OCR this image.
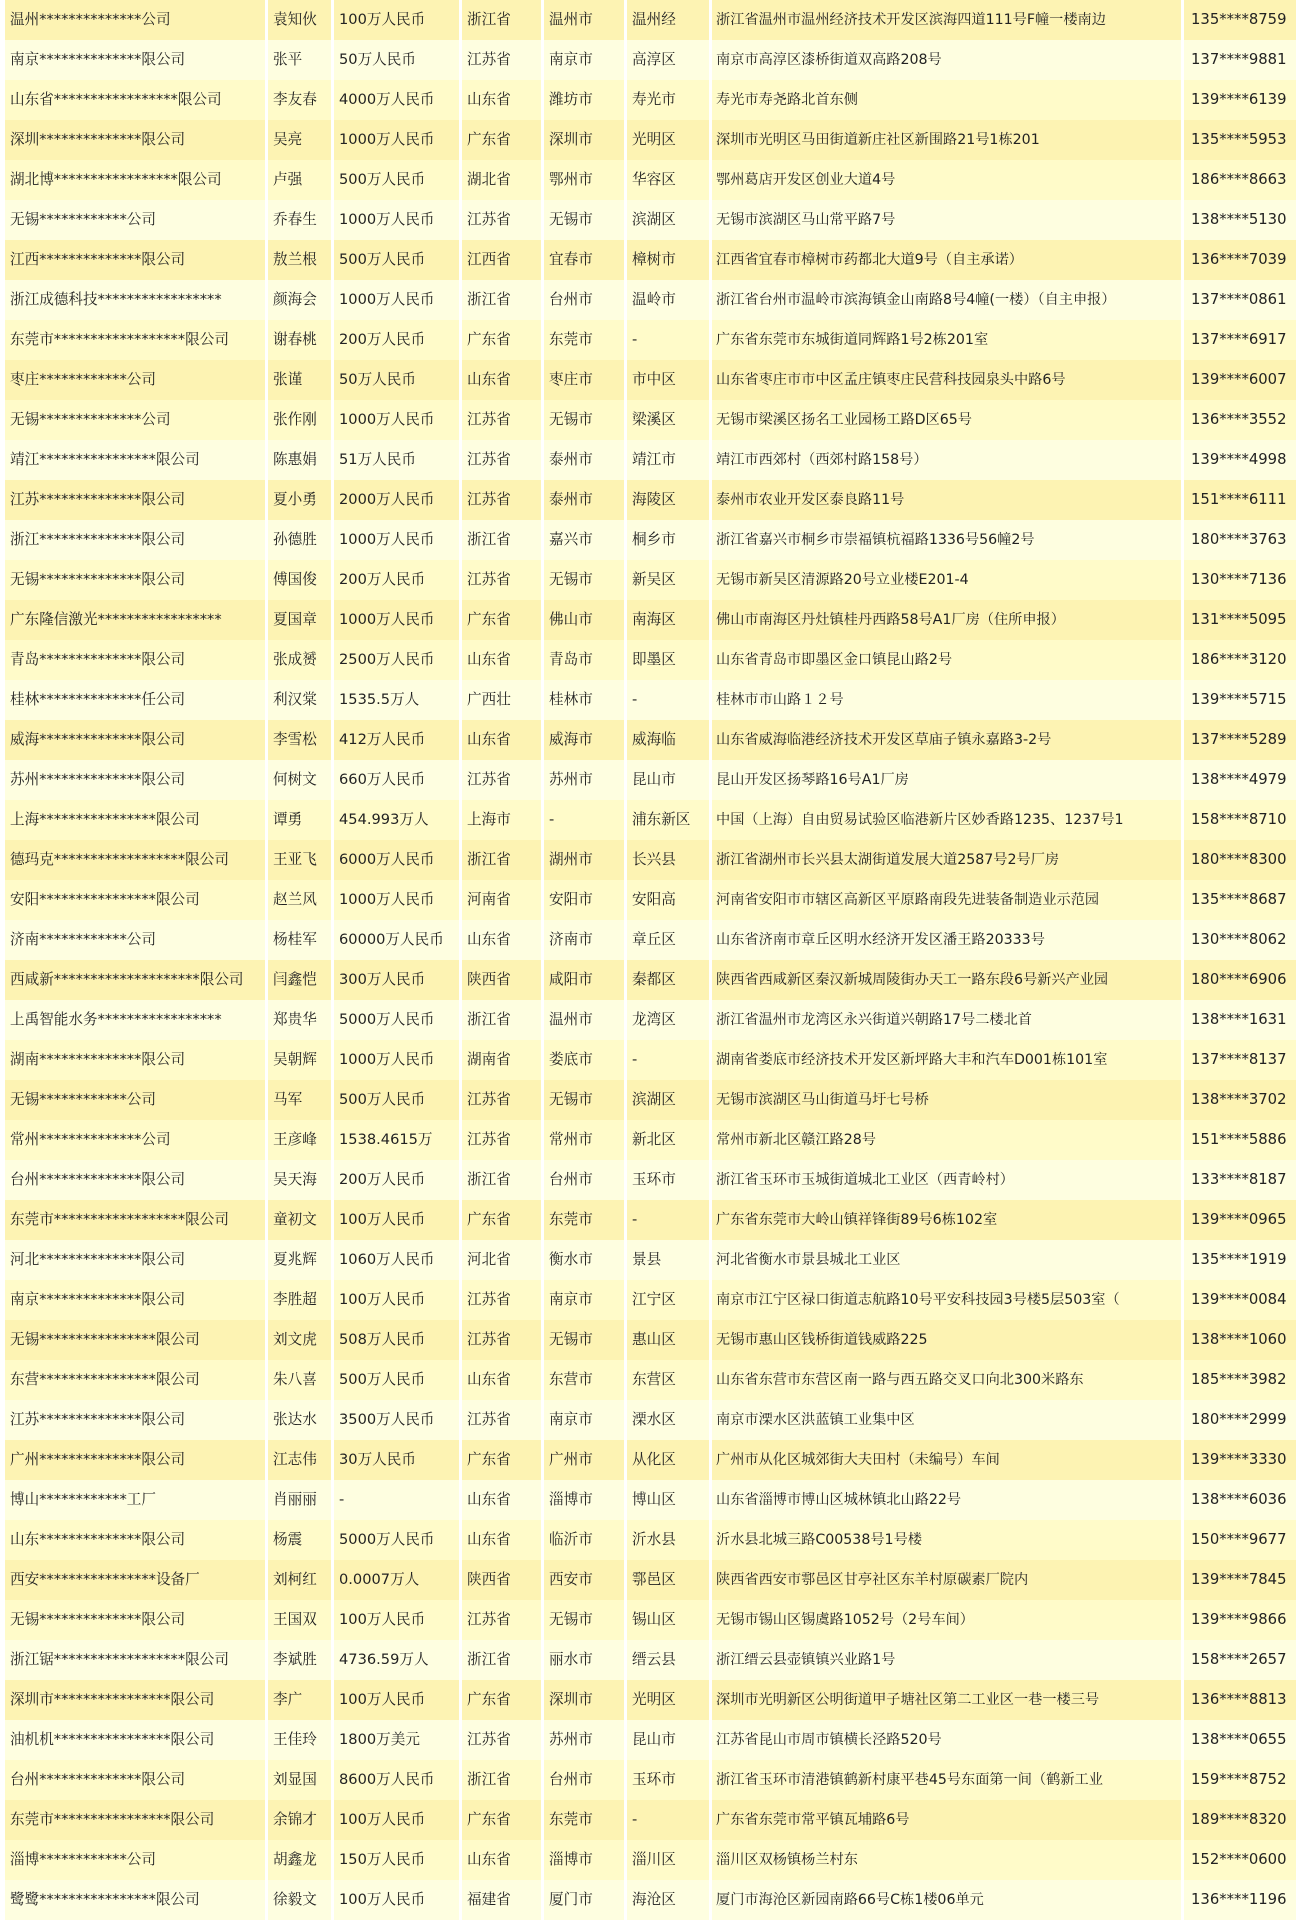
温州**************公司	袁知伙	100万人民币	浙江省	温州市	温州经	浙江省温州市温州经济技术开发区滨海四道111号F幢一楼南边	135****8759
南京**************限公司	张平	50万人民币	江苏省	南京市	高淳区	南京市高淳区漆桥街道双高路208号	137****9881
山东省*****************限公司	李友春	4000万人民币	山东省	潍坊市	寿光市	寿光市寿尧路北首东侧	139****6139
深圳**************限公司	吴亮	1000万人民币	广东省	深圳市	光明区	深圳市光明区马田街道新庄社区新围路21号1栋201	135****5953
湖北博*****************限公司	卢强	500万人民币	湖北省	鄂州市	华容区	鄂州葛店开发区创业大道4号	186****8663
无锡************公司	乔春生	1000万人民币	江苏省	无锡市	滨湖区	无锡市滨湖区马山常平路7号	138****5130
江西**************限公司	敖兰根	500万人民币	江西省	宜春市	樟树市	江西省宜春市樟树市药都北大道9号（自主承诺）	136****7039
浙江成德科技*****************	颜海会	1000万人民币	浙江省	台州市	温岭市	浙江省台州市温岭市滨海镇金山南路8号4幢(一楼）（自主申报）	137****0861
东莞市******************限公司	谢春桃	200万人民币	广东省	东莞市	-	广东省东莞市东城街道同辉路1号2栋201室	137****6917
枣庄************公司	张谨	50万人民币	山东省	枣庄市	市中区	山东省枣庄市市中区孟庄镇枣庄民营科技园泉头中路6号	139****6007
无锡**************公司	张作刚	1000万人民币	江苏省	无锡市	梁溪区	无锡市梁溪区扬名工业园杨工路D区65号	136****3552
靖江****************限公司	陈惠娟	51万人民币	江苏省	泰州市	靖江市	靖江市西郊村（西郊村路158号）	139****4998
江苏**************限公司	夏小勇	2000万人民币	江苏省	泰州市	海陵区	泰州市农业开发区泰良路11号	151****6111
浙江**************限公司	孙德胜	1000万人民币	浙江省	嘉兴市	桐乡市	浙江省嘉兴市桐乡市崇福镇杭福路1336号56幢2号	180****3763
无锡**************限公司	傅国俊	200万人民币	江苏省	无锡市	新吴区	无锡市新吴区清源路20号立业楼E201-4	130****7136
广东隆信激光*****************	夏国章	1000万人民币	广东省	佛山市	南海区	佛山市南海区丹灶镇桂丹西路58号A1厂房（住所申报）	131****5095
青岛**************限公司	张成赟	2500万人民币	山东省	青岛市	即墨区	山东省青岛市即墨区金口镇昆山路2号	186****3120
桂林**************任公司	利汉棠	1535.5万人	广西壮	桂林市	-	桂林市市山路１２号	139****5715
威海**************限公司	李雪松	412万人民币	山东省	威海市	威海临	山东省威海临港经济技术开发区草庙子镇永嘉路3-2号	137****5289
苏州**************限公司	何树文	660万人民币	江苏省	苏州市	昆山市	昆山开发区扬琴路16号A1厂房	138****4979
上海****************限公司	谭勇	454.993万人	上海市	-	浦东新区	中国（上海）自由贸易试验区临港新片区妙香路1235、1237号1	158****8710
德玛克******************限公司	王亚飞	6000万人民币	浙江省	湖州市	长兴县	浙江省湖州市长兴县太湖街道发展大道2587号2号厂房	180****8300
安阳****************限公司	赵兰风	1000万人民币	河南省	安阳市	安阳高	河南省安阳市市辖区高新区平原路南段先进装备制造业示范园	135****8687
济南************公司	杨桂军	60000万人民币	山东省	济南市	章丘区	山东省济南市章丘区明水经济开发区潘王路20333号	130****8062
西咸新********************限公司	闫鑫恺	300万人民币	陕西省	咸阳市	秦都区	陕西省西咸新区秦汉新城周陵街办天工一路东段6号新兴产业园	180****6906
上禹智能水务*****************	郑贵华	5000万人民币	浙江省	温州市	龙湾区	浙江省温州市龙湾区永兴街道兴朝路17号二楼北首	138****1631
湖南**************限公司	吴朝辉	1000万人民币	湖南省	娄底市	-	湖南省娄底市经济技术开发区新坪路大丰和汽车D001栋101室	137****8137
无锡************公司	马军	500万人民币	江苏省	无锡市	滨湖区	无锡市滨湖区马山街道马圩七号桥	138****3702
常州**************公司	王彦峰	1538.4615万	江苏省	常州市	新北区	常州市新北区赣江路28号	151****5886
台州**************限公司	吴天海	200万人民币	浙江省	台州市	玉环市	浙江省玉环市玉城街道城北工业区（西青岭村）	133****8187
东莞市******************限公司	童初文	100万人民币	广东省	东莞市	-	广东省东莞市大岭山镇祥锋街89号6栋102室	139****0965
河北**************限公司	夏兆辉	1060万人民币	河北省	衡水市	景县	河北省衡水市景县城北工业区	135****1919
南京**************限公司	李胜超	100万人民币	江苏省	南京市	江宁区	南京市江宁区禄口街道志航路10号平安科技园3号楼5层503室（	139****0084
无锡****************限公司	刘文虎	508万人民币	江苏省	无锡市	惠山区	无锡市惠山区钱桥街道钱威路225	138****1060
东营****************限公司	朱八喜	500万人民币	山东省	东营市	东营区	山东省东营市东营区南一路与西五路交叉口向北300米路东	185****3982
江苏**************限公司	张达水	3500万人民币	江苏省	南京市	溧水区	南京市溧水区洪蓝镇工业集中区	180****2999
广州**************限公司	江志伟	30万人民币	广东省	广州市	从化区	广州市从化区城郊街大夫田村（未编号）车间	139****3330
博山************工厂	肖丽丽	-	山东省	淄博市	博山区	山东省淄博市博山区城林镇北山路22号	138****6036
山东**************限公司	杨震	5000万人民币	山东省	临沂市	沂水县	沂水县北城三路C00538号1号楼	150****9677
西安****************设备厂	刘柯红	0.0007万人	陕西省	西安市	鄠邑区	陕西省西安市鄠邑区甘亭社区东羊村原碳素厂院内	139****7845
无锡**************限公司	王国双	100万人民币	江苏省	无锡市	锡山区	无锡市锡山区锡虞路1052号（2号车间）	139****9866
浙江锯******************限公司	李斌胜	4736.59万人	浙江省	丽水市	缙云县	浙江缙云县壶镇镇兴业路1号	158****2657
深圳市****************限公司	李广	100万人民币	广东省	深圳市	光明区	深圳市光明新区公明街道甲子塘社区第二工业区一巷一楼三号	136****8813
油机机****************限公司	王佳玲	1800万美元	江苏省	苏州市	昆山市	江苏省昆山市周市镇横长泾路520号	138****0655
台州**************限公司	刘显国	8600万人民币	浙江省	台州市	玉环市	浙江省玉环市清港镇鹤新村康平巷45号东面第一间（鹤新工业	159****8752
东莞市****************限公司	余锦才	100万人民币	广东省	东莞市	-	广东省东莞市常平镇瓦埔路6号	189****8320
淄博************公司	胡鑫龙	150万人民币	山东省	淄博市	淄川区	淄川区双杨镇杨兰村东	152****0600
鹭鹭****************限公司	徐毅文	100万人民币	福建省	厦门市	海沧区	厦门市海沧区新园南路66号C栋1楼06单元	136****1196
